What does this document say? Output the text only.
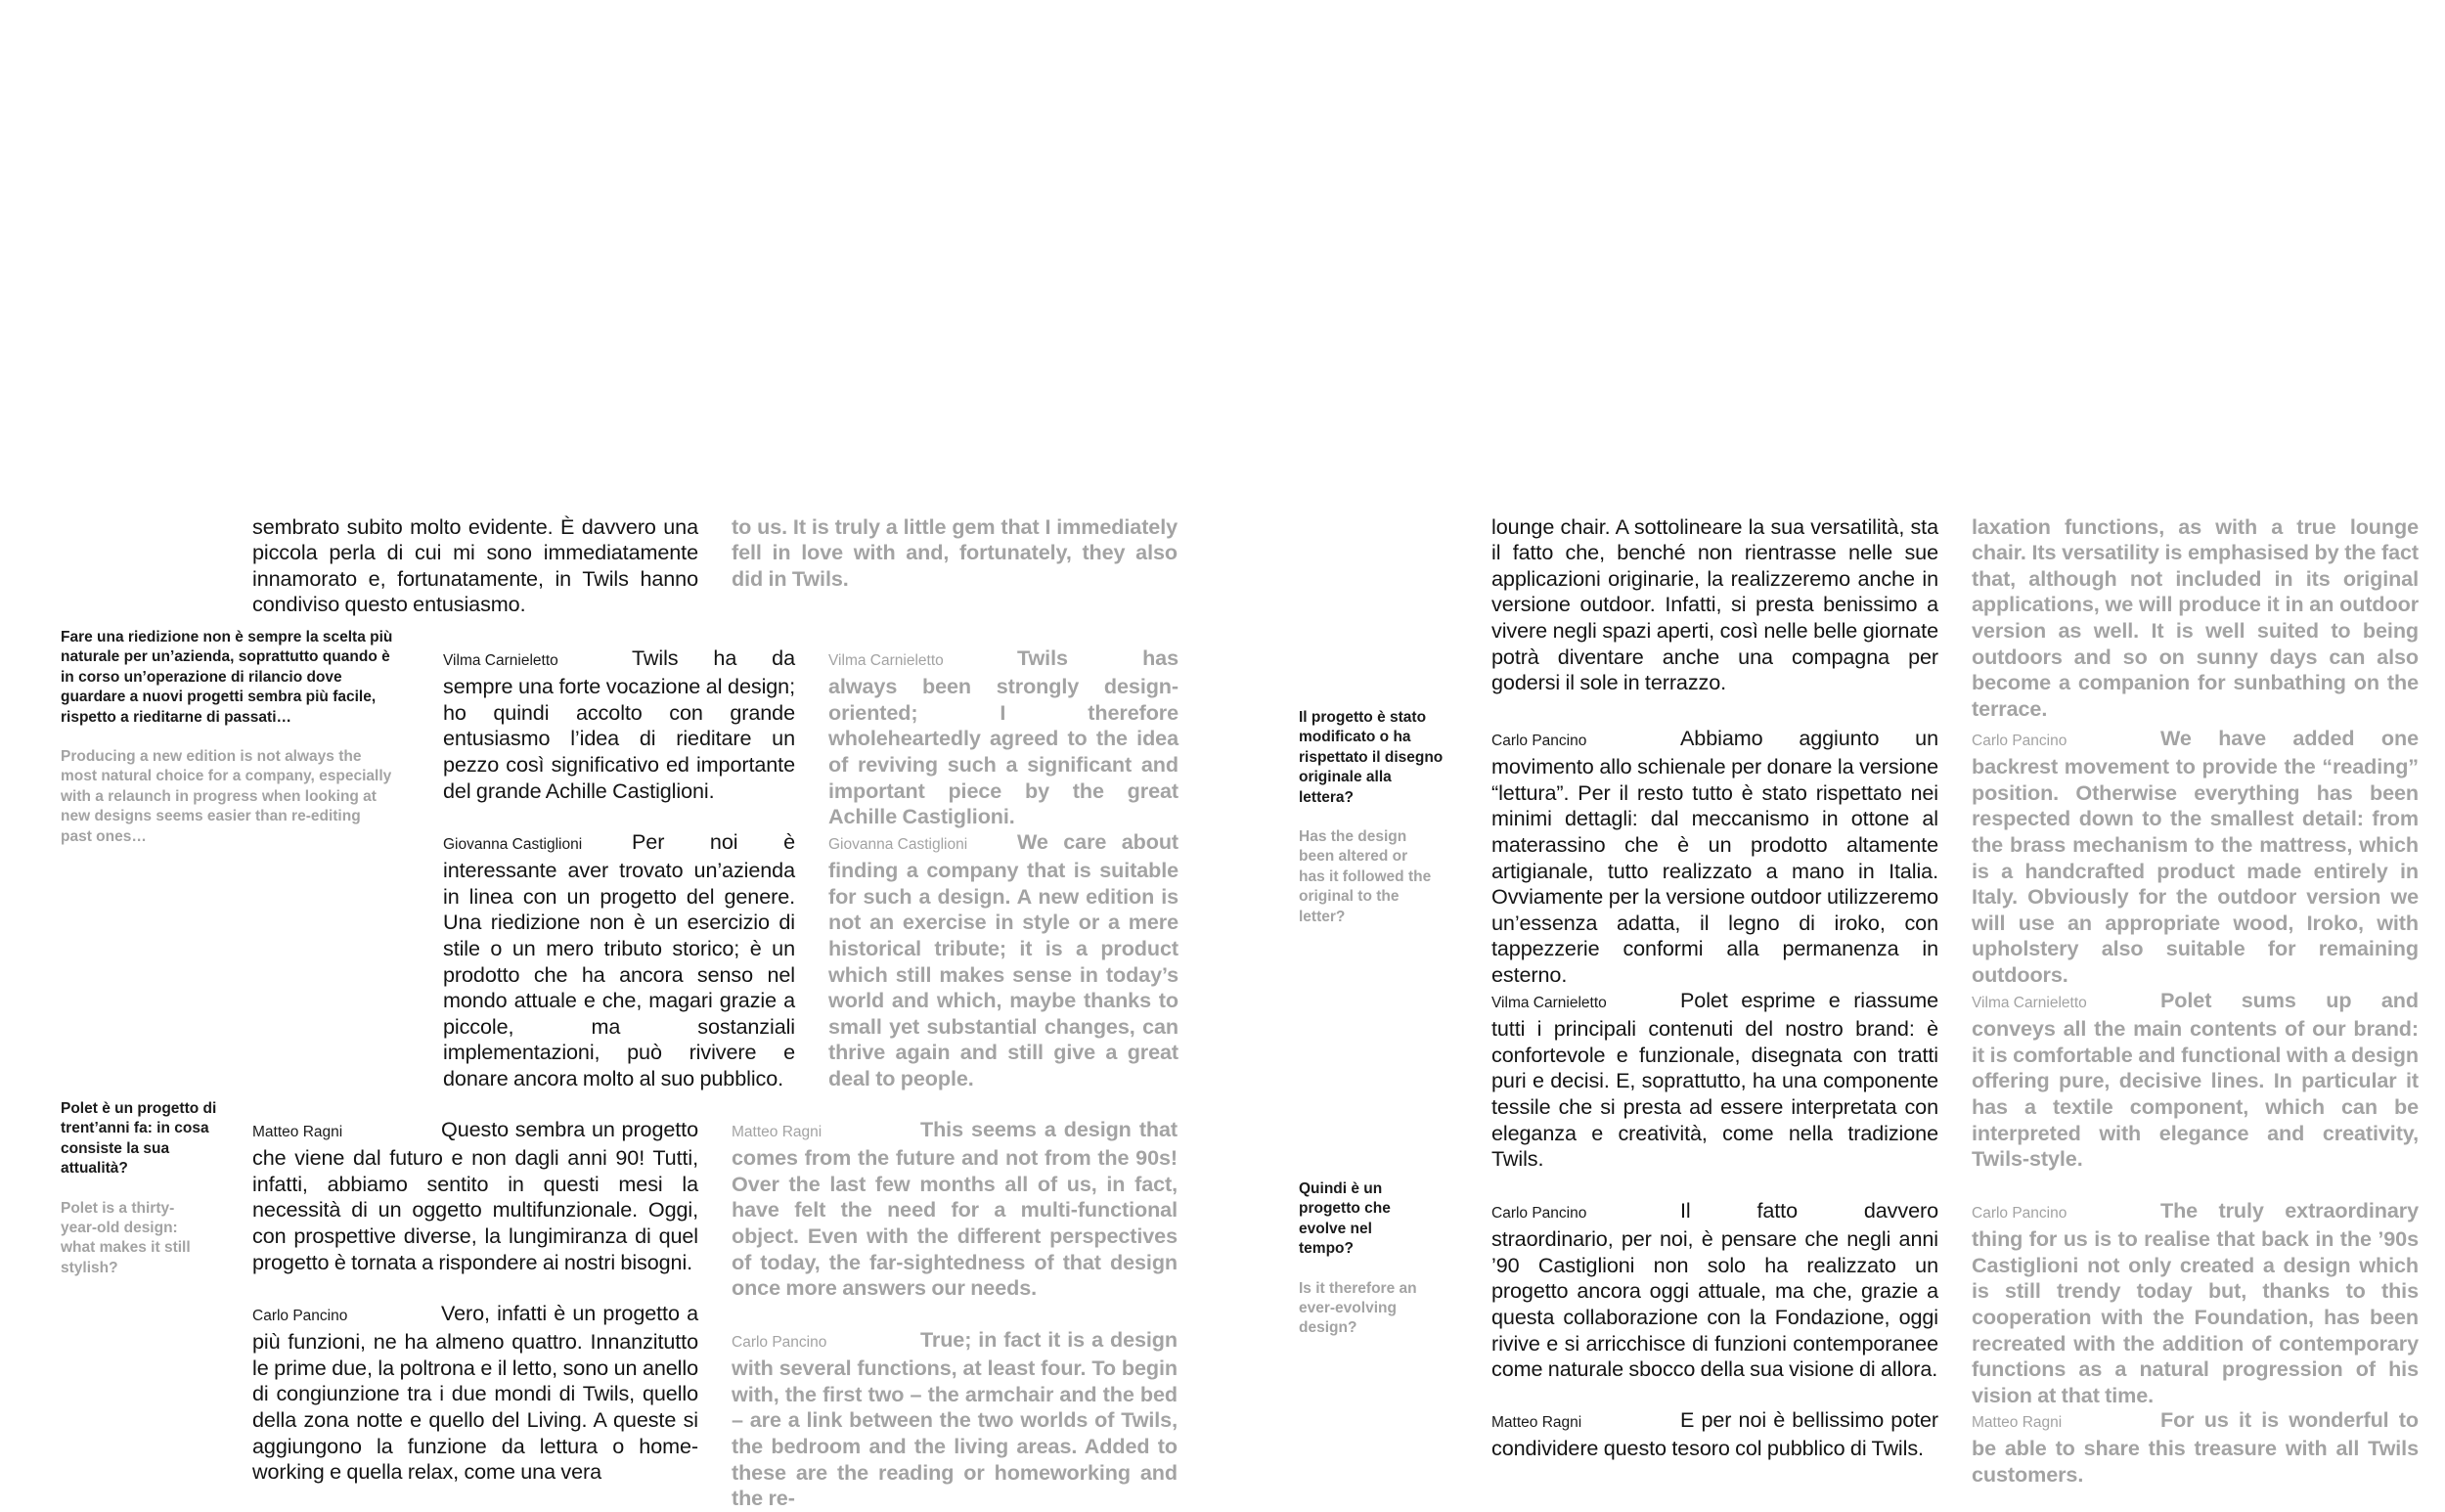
Fare una riedizione non è sempre la scelta più naturale per un’azienda, soprattutto quando è in corso un’operazione di rilancio dove guardare a nuovi progetti sembra più facile, rispetto a rieditarne di passati…

Producing a new edition is not always the most natural choice for a company, especially with a relaunch in progress when looking at new designs seems easier than re-editing past ones…

Polet è un progetto di trent’anni fa: in cosa consiste la sua attualità?

Polet is a thirty-year-old design: what makes it still stylish?

sembrato subito molto evidente. È davvero una piccola perla di cui mi sono immediatamente innamorato e, fortunatamente, in Twils hanno condiviso questo entusiasmo.

to us. It is truly a little gem that I immediately fell in love with and, fortunately, they also did in Twils.

Vilma Carnieletto	Twils ha da sempre una forte vocazione al design; ho quindi accolto con grande entusiasmo l’idea di rieditare un pezzo così significativo ed importante del grande Achille Castiglioni.

Giovanna Castiglioni Per noi è interessante aver trovato un’azienda in linea con un progetto del genere. Una riedizione non è un esercizio di stile o un mero tributo storico; è un prodotto che ha ancora senso nel mondo attuale e che, magari grazie a piccole, ma sostanziali implementazioni, può rivivere e donare ancora molto al suo pubblico.

Vilma Carnieletto	Twils has always been strongly design-oriented; I therefore wholeheartedly agreed to the idea of reviving such a significant and important piece by the great Achille Castiglioni.

Giovanna Castiglioni We care about finding a company that is suitable for such a design. A new edition is not an exercise in style or a mere historical tribute; it is a product which still makes sense in today’s world and which, maybe thanks to small yet substantial changes, can thrive again and still give a great deal to people.

Matteo Ragni	Questo sembra un progetto che viene dal futuro e non dagli anni 90! Tutti, infatti, abbiamo sentito in questi mesi la necessità di un oggetto multifunzionale. Oggi, con prospettive diverse, la lungimiranza di quel progetto è tornata a rispondere ai nostri bisogni.

Carlo Pancino	Vero, infatti è un progetto a più funzioni, ne ha almeno quattro. Innanzitutto le prime due, la poltrona e il letto, sono un anello di congiunzione tra i due mondi di Twils, quello della zona notte e quello del Living. A queste si aggiungono la funzione da lettura o home-working e quella relax, come una vera

Matteo Ragni	This seems a design that comes from the future and not from the 90s! Over the last few months all of us, in fact, have felt the need for a multi-functional object. Even with the different perspectives of today, the far-sightedness of that design once more answers our needs.

Carlo Pancino	True; in fact it is a design with several functions, at least four. To begin with, the first two – the armchair and the bed – are a link between the two worlds of Twils, the bedroom and the living areas. Added to these are the reading or homeworking and the re-

Il progetto è stato modificato o ha rispettato il disegno originale alla lettera?

Has the design been altered or has it followed the original to the letter?

Quindi è un progetto che evolve nel tempo?

Is it therefore an ever-evolving design?

lounge chair. A sottolineare la sua versatilità, sta il fatto che, benché non rientrasse nelle sue applicazioni originarie, la realizzeremo anche in versione outdoor. Infatti, si presta benissimo a vivere negli spazi aperti, così nelle belle giornate potrà diventare anche una compagna per godersi il sole in terrazzo.

laxation functions, as with a true lounge chair. Its versatility is emphasised by the fact that, although not included in its original applications, we will produce it in an outdoor version as well. It is well suited to being outdoors and so on sunny days can also become a companion for sunbathing on the terrace.

Carlo Pancino	Abbiamo aggiunto un movimento allo schienale per donare la versione “lettura”. Per il resto tutto è stato rispettato nei minimi dettagli: dal meccanismo in ottone al materassino che è un prodotto altamente artigianale, tutto realizzato a mano in Italia. Ovviamente per la versione outdoor utilizzeremo un’essenza adatta, il legno di iroko, con tappezzerie conformi alla permanenza in esterno.

Vilma Carnieletto	Polet esprime e riassume tutti i principali contenuti del nostro brand: è confortevole e funzionale, disegnata con tratti puri e decisi. E, soprattutto, ha una componente tessile che si presta ad essere interpretata con eleganza e creatività, come nella tradizione Twils.

Carlo Pancino	We have added one backrest movement to provide the “reading” position. Otherwise everything has been respected down to the smallest detail: from the brass mechanism to the mattress, which is a handcrafted product made entirely in Italy. Obviously for the outdoor version we will use an appropriate wood, Iroko, with upholstery also suitable for remaining outdoors.

Vilma Carnieletto	Polet sums up and conveys all the main contents of our brand: it is comfortable and functional with a design offering pure, decisive lines. In particular it has a textile component, which can be interpreted with elegance and creativity, Twils-style.

Carlo Pancino	Il fatto davvero straordinario, per noi, è pensare che negli anni ’90 Castiglioni non solo ha realizzato un progetto ancora oggi attuale, ma che, grazie a questa collaborazione con la Fondazione, oggi rivive e si arricchisce di funzioni contemporanee come naturale sbocco della sua visione di allora.

Matteo Ragni	E per noi è bellissimo poter condividere questo tesoro col pubblico di Twils.

Carlo Pancino	The truly extraordinary thing for us is to realise that back in the ’90s Castiglioni not only created a design which is still trendy today but, thanks to this cooperation with the Foundation, has been recreated with the addition of contemporary functions as a natural progression of his vision at that time.

Matteo Ragni	For us it is wonderful to be able to share this treasure with all Twils customers.
